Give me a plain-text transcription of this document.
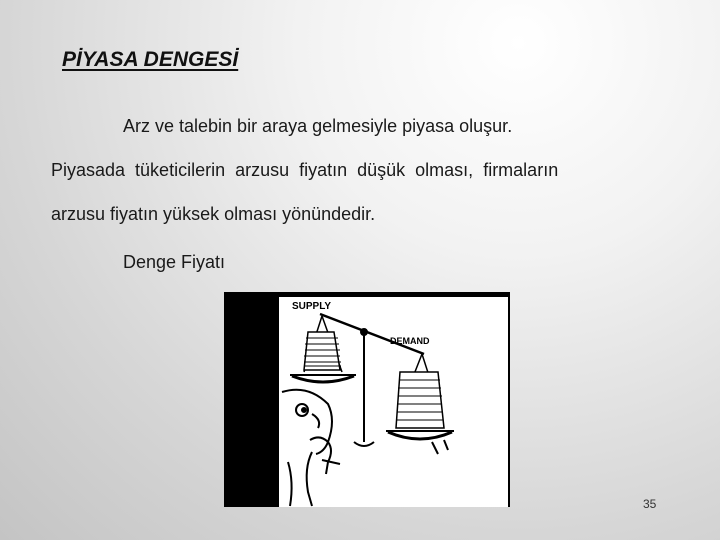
PİYASA DENGESİ
Arz ve talebin bir araya gelmesiyle piyasa oluşur.
Piyasada tüketicilerin arzusu fiyatın düşük olması, firmaların
arzusu fiyatın yüksek olması yönündedir.
Denge Fiyatı
SUPPLY
DEMAND
35
